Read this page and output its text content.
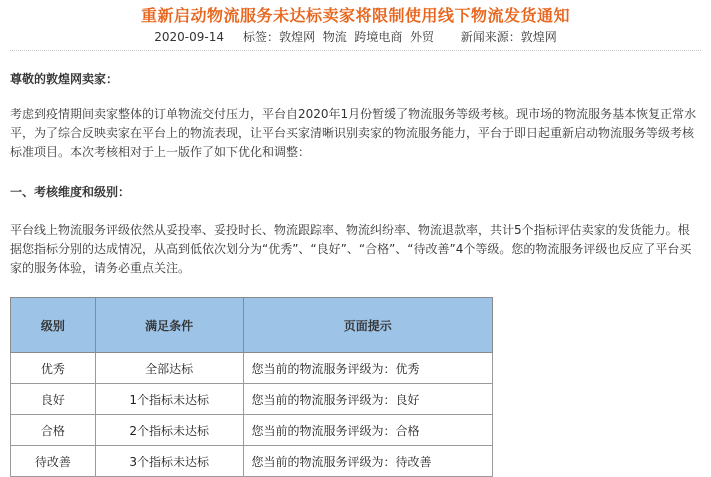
重新启动物流服务未达标卖家将限制使用线下物流发货通知
2020-09-14 标签：敦煌网 物流 跨境电商 外贸 新闻来源：敦煌网
尊敬的敦煌网卖家：

考虑到疫情期间卖家整体的订单物流交付压力，平台自2020年1月份暂缓了物流服务等级考核。现市场的物流服务基本恢复正常水平，为了综合反映卖家在平台上的物流表现，让平台买家清晰识别卖家的物流服务能力，平台于即日起重新启动物流服务等级考核标准项目。本次考核相对于上一版作了如下优化和调整：

一、考核维度和级别：

平台线上物流服务评级依然从妥投率、妥投时长、物流跟踪率、物流纠纷率、物流退款率，共计5个指标评估卖家的发货能力。根据您指标分别的达成情况，从高到低依次划分为“优秀”、“良好”、“合格”、“待改善”4个等级。您的物流服务评级也反应了平台买家的服务体验，请务必重点关注。

级别	满足条件	页面提示
优秀	全部达标	您当前的物流服务评级为：优秀
良好	1个指标未达标	您当前的物流服务评级为：良好
合格	2个指标未达标	您当前的物流服务评级为：合格
待改善	3个指标未达标	您当前的物流服务评级为：待改善
